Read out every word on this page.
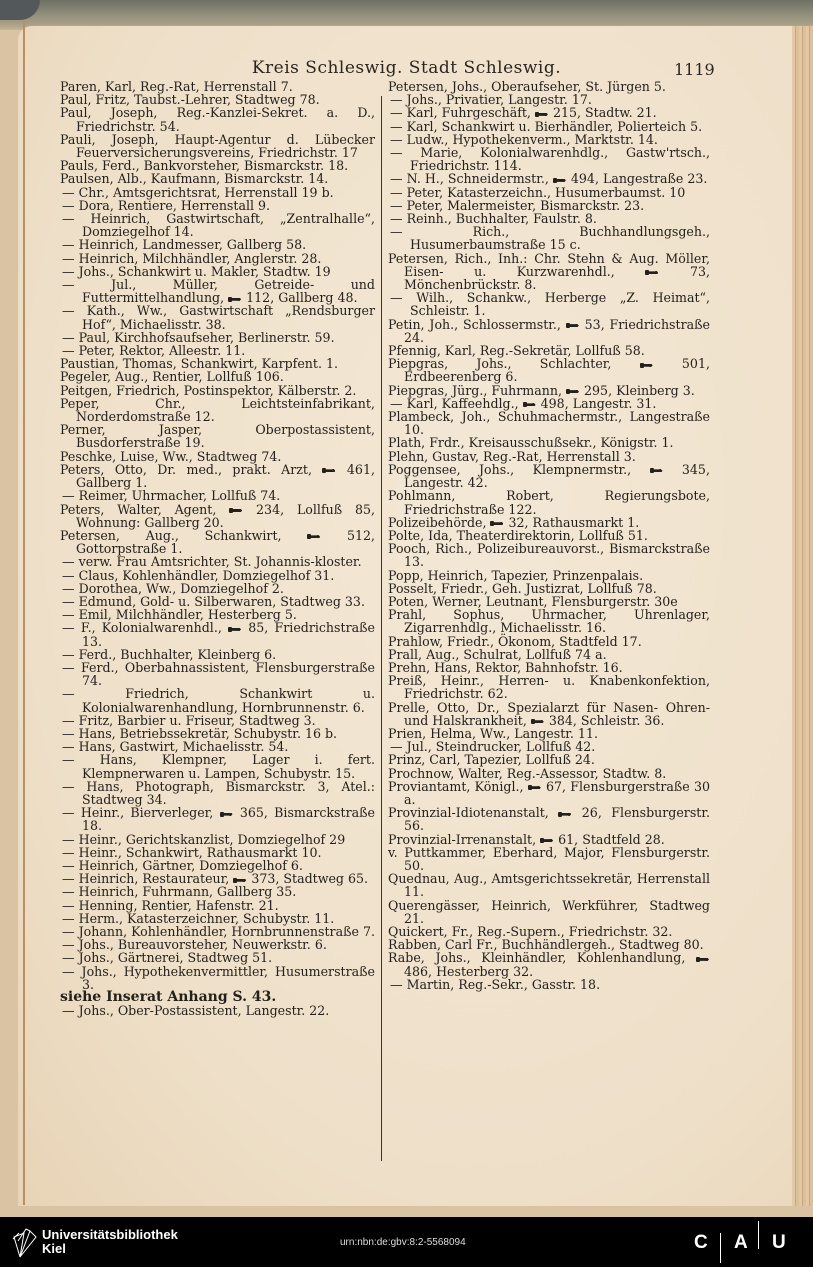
Kreis Schleswig. Stadt Schleswig.	1119

Paren, Karl, Reg.-Rat, Herrenstall 7.

Paul, Fritz, Taubst.-Lehrer, Stadtweg 78.

Paul, Joseph, Reg.-Kanzlei-Sekret. a. D., Friedrichstr. 54.

Pauli, Joseph, Haupt-Agentur d. Lübecker Feuerversicherungsvereins, Friedrichstr. 17

Pauls, Ferd., Bankvorsteher, Bismarckstr. 18.

Paulsen, Alb., Kaufmann, Bismarckstr. 14.

— Chr., Amtsgerichtsrat, Herrenstall 19 b.

— Dora, Rentiere, Herrenstall 9.

— Heinrich, Gastwirtschaft, „Zentralhalle“, Domziegelhof 14.

— Heinrich, Landmesser, Gallberg 58.

— Heinrich, Milchhändler, Anglerstr. 28.

— Johs., Schankwirt u. Makler, Stadtw. 19

— Jul., Müller, Getreide- und Futtermittelhandlung, 112, Gallberg 48.

— Kath., Ww., Gastwirtschaft „Rendsburger Hof“, Michaelisstr. 38.

— Paul, Kirchhofsaufseher, Berlinerstr. 59.

— Peter, Rektor, Alleestr. 11.

Paustian, Thomas, Schankwirt, Karpfent. 1.

Pegeler, Aug., Rentier, Lollfuß 106.

Peitgen, Friedrich, Postinspektor, Kälberstr. 2.

Peper, Chr., Leichtsteinfabrikant, Norderdomstraße 12.

Perner, Jasper, Oberpostassistent, Busdorferstraße 19.

Peschke, Luise, Ww., Stadtweg 74.

Peters, Otto, Dr. med., prakt. Arzt,	461, Gallberg 1.

— Reimer, Uhrmacher, Lollfuß 74.

Peters, Walter, Agent,	234, Lollfuß 85, Wohnung: Gallberg 20.

Petersen, Aug., Schankwirt,	512, Gottorpstraße 1.

— verw. Frau Amtsrichter, St. Johannis-kloster.

— Claus, Kohlenhändler, Domziegelhof 31.

— Dorothea, Ww., Domziegelhof 2.

— Edmund, Gold- u. Silberwaren, Stadtweg 33.

— Emil, Milchhändler, Hesterberg 5.

— F., Kolonialwarenhdl., 85, Friedrichstraße 13.

— Ferd., Buchhalter, Kleinberg 6.

— Ferd., Oberbahnassistent, Flensburgerstraße 74.

— Friedrich, Schankwirt u. Kolonialwarenhandlung, Hornbrunnenstr. 6.

— Fritz, Barbier u. Friseur, Stadtweg 3.

— Hans, Betriebssekretär, Schubystr. 16 b.

— Hans, Gastwirt, Michaelisstr. 54.

— Hans, Klempner, Lager i. fert. Klempnerwaren u. Lampen, Schubystr. 15.

— Hans, Photograph, Bismarckstr. 3, Atel.: Stadtweg 34.

— Heinr., Bierverleger, 365, Bismarckstraße 18.

— Heinr., Gerichtskanzlist, Domziegelhof 29

— Heinr., Schankwirt, Rathausmarkt 10.

— Heinrich, Gärtner, Domziegelhof 6.

— Heinrich, Restaurateur, 373, Stadtweg 65.

— Heinrich, Fuhrmann, Gallberg 35.

— Henning, Rentier, Hafenstr. 21.

— Herm., Katasterzeichner, Schubystr. 11.

— Johann, Kohlenhändler, Hornbrunnenstraße 7.

— Johs., Bureauvorsteher, Neuwerkstr. 6.

— Johs., Gärtnerei, Stadtweg 51.

— Johs., Hypothekenvermittler, Husumerstraße 3.

siehe Inserat Anhang S. 43.

— Johs., Ober-Postassistent, Langestr. 22.

Petersen, Johs., Oberaufseher, St. Jürgen 5.

— Johs., Privatier, Langestr. 17.

— Karl, Fuhrgeschäft, 215, Stadtw. 21.

— Karl, Schankwirt u. Bierhändler, Polierteich 5.

— Ludw., Hypothekenverm., Marktstr. 14.

— Marie, Kolonialwarenhdlg., Gastw'rtsch., Friedrichstr. 114.

— N. H., Schneidermstr., 494, Langestraße 23.

— Peter, Katasterzeichn., Husumerbaumst. 10

— Peter, Malermeister, Bismarckstr. 23.

— Reinh., Buchhalter, Faulstr. 8.

— Rich., Buchhandlungsgeh., Husumerbaumstraße 15 c.

Petersen, Rich., Inh.: Chr. Stehn & Aug. Möller, Eisen- u. Kurzwarenhdl.,	73, Mönchenbrückstr. 8.

— Wilh., Schankw., Herberge „Z. Heimat“, Schleistr. 1.

Petin, Joh., Schlossermstr., 53, Friedrichstraße 24.

Pfennig, Karl, Reg.-Sekretär, Lollfuß 58.

Piepgras, Johs., Schlachter,	501, Erdbeerenberg 6.

Piepgras, Jürg., Fuhrmann, 295, Kleinberg 3.

— Karl, Kaffeehdlg., 498, Langestr. 31.

Plambeck, Joh., Schuhmachermstr., Langestraße 10.

Plath, Frdr., Kreisausschußsekr., Königstr. 1.

Plehn, Gustav, Reg.-Rat, Herrenstall 3.

Poggensee, Johs., Klempnermstr.,	345, Langestr. 42.

Pohlmann, Robert, Regierungsbote, Friedrichstraße 122.

Polizeibehörde, 32, Rathausmarkt 1.

Polte, Ida, Theaterdirektorin, Lollfuß 51.

Pooch, Rich., Polizeibureauvorst., Bismarckstraße 13.

Popp, Heinrich, Tapezier, Prinzenpalais.

Posselt, Friedr., Geh. Justizrat, Lollfuß 78.

Poten, Werner, Leutnant, Flensburgerstr. 30e

Prahl, Sophus, Uhrmacher, Uhrenlager, Zigarrenhdlg., Michaelisstr. 16.

Prahlow, Friedr., Ökonom, Stadtfeld 17.

Prall, Aug., Schulrat, Lollfuß 74 a.

Prehn, Hans, Rektor, Bahnhofstr. 16.

Preiß, Heinr., Herren- u. Knabenkonfektion, Friedrichstr. 62.

Prelle, Otto, Dr., Spezialarzt für Nasen- Ohren- und Halskrankheit, 384, Schleistr. 36.

Prien, Helma, Ww., Langestr. 11.

— Jul., Steindrucker, Lollfuß 42.

Prinz, Carl, Tapezier, Lollfuß 24.

Prochnow, Walter, Reg.-Assessor, Stadtw. 8.

Proviantamt, Königl., 67, Flensburgerstraße 30 a.

Provinzial-Idiotenanstalt,	26, Flensburgerstr. 56.

Provinzial-Irrenanstalt, 61, Stadtfeld 28.

v. Puttkammer, Eberhard, Major, Flensburgerstr. 50.

Quednau, Aug., Amtsgerichtssekretär, Herrenstall 11.

Querengässer, Heinrich, Werkführer, Stadtweg 21.

Quickert, Fr., Reg.-Supern., Friedrichstr. 32.

Rabben, Carl Fr., Buchhändlergeh., Stadtweg 80.

Rabe, Johs., Kleinhändler, Kohlenhandlung,  486, Hesterberg 32.

— Martin, Reg.-Sekr., Gasstr. 18.

Universitätsbibliothek
Kiel	urn:nbn:de:gbv:8:2-5568094	C A U
